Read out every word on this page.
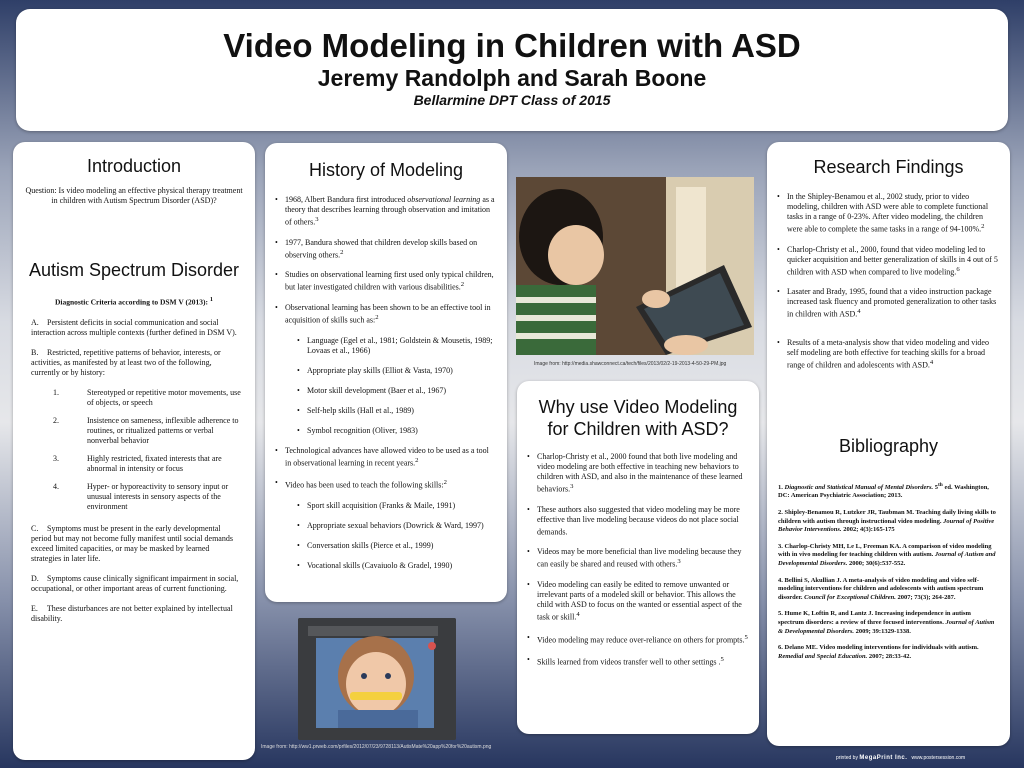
Video Modeling in Children with ASD
Jeremy Randolph and Sarah Boone
Bellarmine DPT Class of 2015
Introduction

Question: Is video modeling an effective physical therapy treatment in children with Autism Spectrum Disorder (ASD)?

Autism Spectrum Disorder

Diagnostic Criteria according to DSM V (2013): $^1$

A. Persistent deficits in social communication and social interaction across multiple contexts (further defined in DSM V).

B. Restricted, repetitive patterns of behavior, interests, or activities, as manifested by at least two of the following, currently or by history:

1.	Stereotyped or repetitive motor movements, use of objects, or speech

2.	Insistence on sameness, inflexible adherence to routines, or ritualized patterns or verbal nonverbal behavior

3.	Highly restricted, fixated interests that are abnormal in intensity or focus

4.	Hyper- or hyporeactivity to sensory input or unusual interests in sensory aspects of the environment

C. Symptoms must be present in the early developmental period but may not become fully manifest until social demands exceed limited capacities, or may be masked by learned strategies in later life.

D. Symptoms cause clinically significant impairment in social, occupational, or other important areas of current functioning.

E. These disturbances are not better explained by intellectual disability.

History of Modeling
• 1968, Albert Bandura first introduced observational learning as a theory that describes learning through observation and imitation of others.$^3$
• 1977, Bandura showed that children develop skills based on observing others.$^2$
• Studies on observational learning first used only typical children, but later investigated children with various disabilities.$^2$
• Observational learning has been shown to be an effective tool in acquisition of skills such as:$^2$
• Language (Egel et al., 1981; Goldstein & Mousetis, 1989; Lovaas et al., 1966)
• Appropriate play skills (Elliot & Vasta, 1970)
• Motor skill development (Baer et al., 1967)
• Self-help skills (Hall et al., 1989)
• Symbol recognition (Oliver, 1983)
• Technological advances have allowed video to be used as a tool in observational learning in recent years.$^2$
• Video has been used to teach the following skills:$^2$
• Sport skill acquisition (Franks & Maile, 1991)
• Appropriate sexual behaviors (Dowrick & Ward, 1997)
• Conversation skills (Pierce et al., 1999)
• Vocational skills (Cavaiuolo & Gradel, 1990)
Image from: http://media.shawconnect.ca/tech/files/2013/02/2-19-2013-4-50-29-PM.jpg
Why use Video Modeling for Children with ASD?
• Charlop-Christy et al., 2000 found that both live modeling and video modeling are both effective in teaching new behaviors to children with ASD, and also in the maintenance of these learned behaviors.$^3$
• These authors also suggested that video modeling may be more effective than live modeling because videos do not place social demands.
• Videos may be more beneficial than live modeling because they can easily be shared and reused with others.$^3$
• Video modeling can easily be edited to remove unwanted or irrelevant parts of a modeled skill or behavior. This allows the child with ASD to focus on the wanted or essential aspect of the task or skill.$^4$
• Video modeling may reduce over-reliance on others for prompts.$^5$
• Skills learned from videos transfer well to other settings .$^5$
Image from: http://ww1.prweb.com/prfiles/2012/07/23/9728113/AutisMate%20app%20for%20autism.png
Research Findings
• In the Shipley-Benamou et al., 2002 study, prior to video modeling, children with ASD were able to complete functional tasks in a range of 0-23%. After video modeling, the children were able to complete the same tasks in a range of 94-100%.$^2$
• Charlop-Christy et al., 2000, found that video modeling led to quicker acquisition and better generalization of skills in 4 out of 5 children with ASD when compared to live modeling.$^6$
• Lasater and Brady, 1995, found that a video instruction package increased task fluency and promoted generalization to other tasks in children with ASD.$^4$
• Results of a meta-analysis show that video modeling and video self modeling are both effective for teaching skills for a broad range of children and adolescents with ASD.$^4$
Bibliography

1. Diagnostic and Statistical Manual of Mental Disorders. 5th ed. Washington, DC: American Psychiatric Association; 2013.

2. Shipley-Benamou R, Lutzker JR, Taubman M. Teaching daily living skills to children with autism through instructional video modeling. Journal of Positive Behavior Interventions. 2002; 4(3):165-175

3. Charlop-Christy MH, Le L, Freeman KA. A comparison of video modeling with in vivo modeling for teaching children with autism. Journal of Autism and Developmental Disorders. 2000; 30(6):537-552.

4. Bellini S, Akullian J. A meta-analysis of video modeling and video self-modeling interventions for children and adolescents with autism spectrum disorder. Council for Exceptional Children. 2007; 73(3); 264-287.

5. Hume K, Loftin R, and Lantz J. Increasing independence in autism spectrum disorders: a review of three focused interventions. Journal of Autism & Developmental Disorders. 2009; 39:1329-1338.

6. Delano ME. Video modeling interventions for individuals with autism. Remedial and Special Education. 2007; 28:33-42.

printed by MegaPrint Inc. www.postersession.com
